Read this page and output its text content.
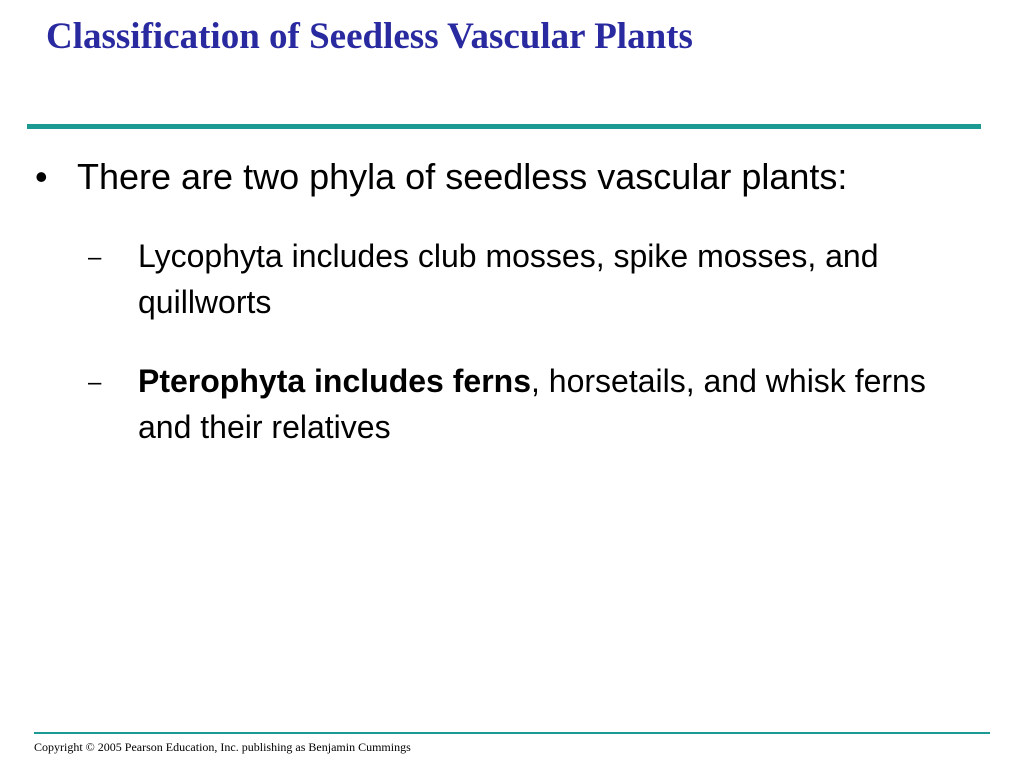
Classification of Seedless Vascular Plants
• There are two phyla of seedless vascular plants:
–	Lycophyta includes club mosses, spike mosses, and quillworts
–	Pterophyta includes ferns, horsetails, and whisk ferns and their relatives
Copyright © 2005 Pearson Education, Inc. publishing as Benjamin Cummings
